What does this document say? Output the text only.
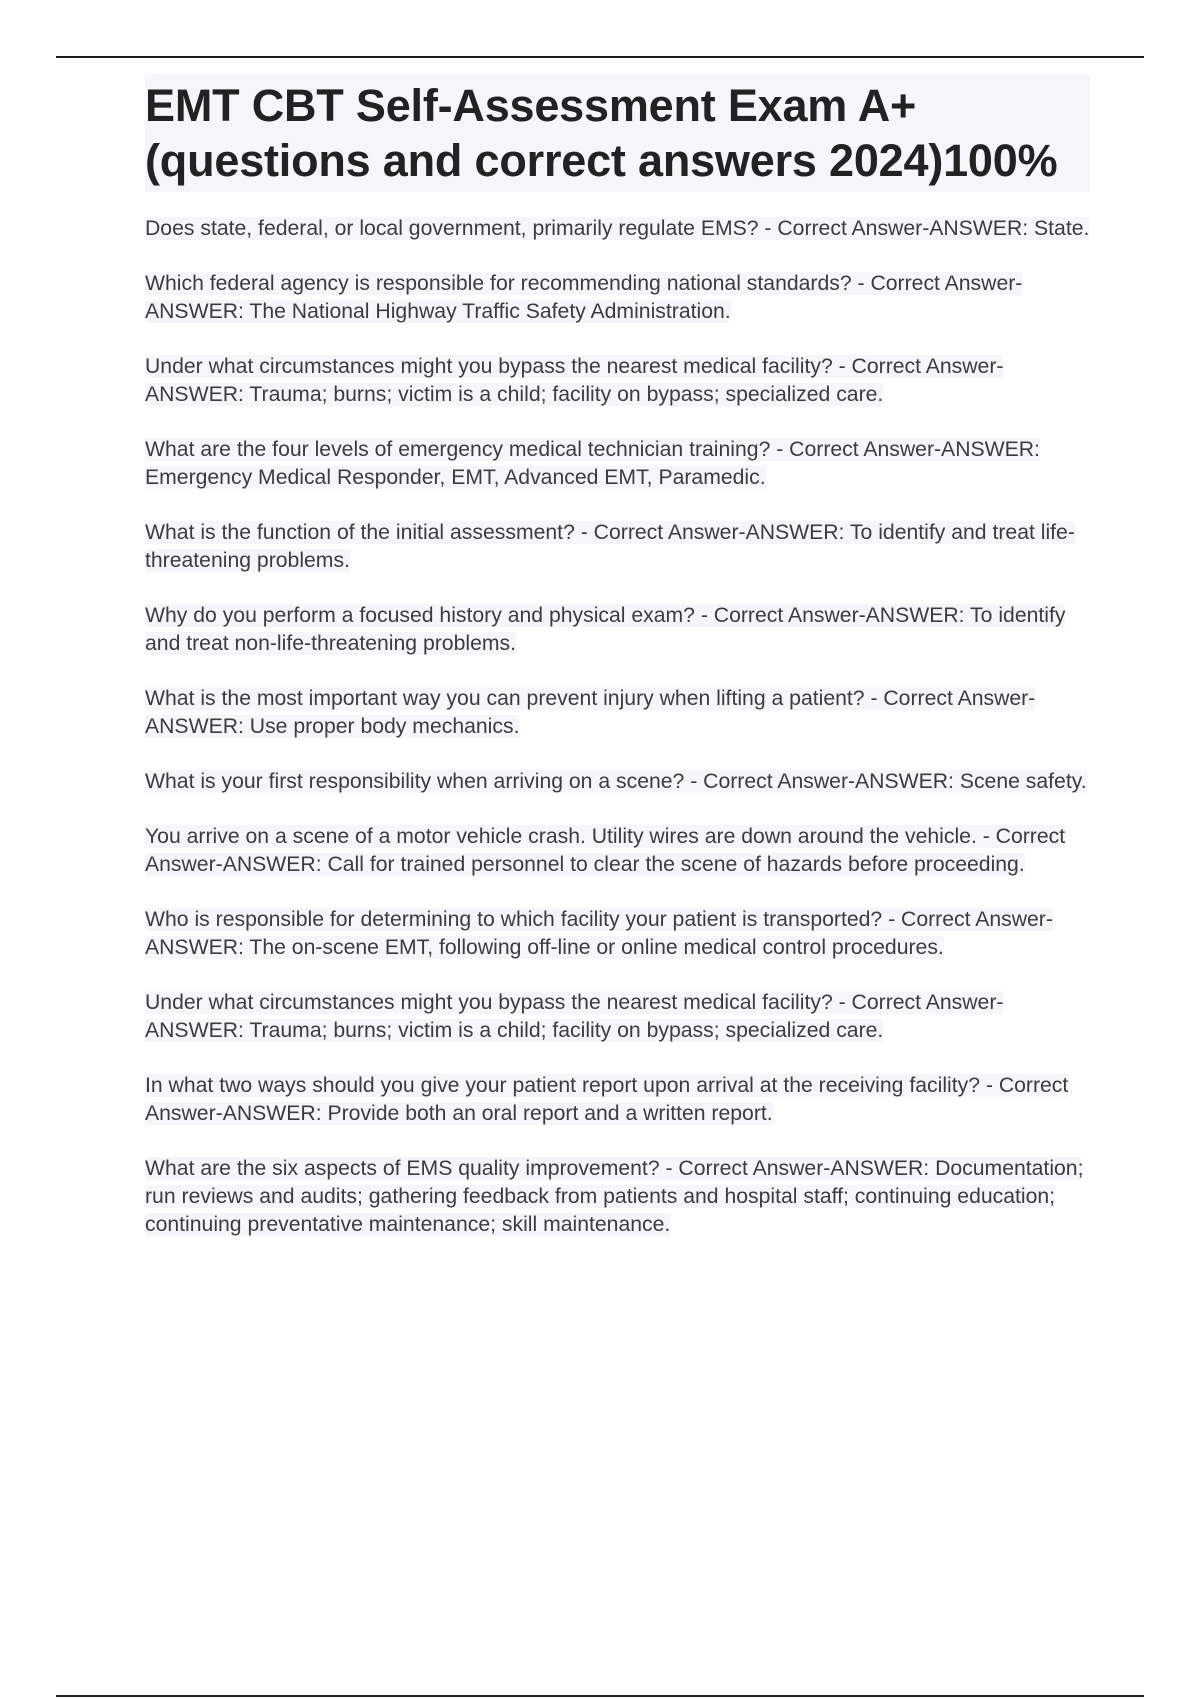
EMT CBT Self-Assessment Exam A+ (questions and correct answers 2024)100%
Does state, federal, or local government, primarily regulate EMS? - Correct Answer-ANSWER: State.
Which federal agency is responsible for recommending national standards? - Correct Answer-ANSWER: The National Highway Traffic Safety Administration.
Under what circumstances might you bypass the nearest medical facility? - Correct Answer-ANSWER: Trauma; burns; victim is a child; facility on bypass; specialized care.
What are the four levels of emergency medical technician training? - Correct Answer-ANSWER: Emergency Medical Responder, EMT, Advanced EMT, Paramedic.
What is the function of the initial assessment? - Correct Answer-ANSWER: To identify and treat life-threatening problems.
Why do you perform a focused history and physical exam? - Correct Answer-ANSWER: To identify and treat non-life-threatening problems.
What is the most important way you can prevent injury when lifting a patient? - Correct Answer-ANSWER: Use proper body mechanics.
What is your first responsibility when arriving on a scene? - Correct Answer-ANSWER: Scene safety.
You arrive on a scene of a motor vehicle crash. Utility wires are down around the vehicle. - Correct Answer-ANSWER: Call for trained personnel to clear the scene of hazards before proceeding.
Who is responsible for determining to which facility your patient is transported? - Correct Answer-ANSWER: The on-scene EMT, following off-line or online medical control procedures.
Under what circumstances might you bypass the nearest medical facility? - Correct Answer-ANSWER: Trauma; burns; victim is a child; facility on bypass; specialized care.
In what two ways should you give your patient report upon arrival at the receiving facility? - Correct Answer-ANSWER: Provide both an oral report and a written report.
What are the six aspects of EMS quality improvement? - Correct Answer-ANSWER: Documentation; run reviews and audits; gathering feedback from patients and hospital staff; continuing education; continuing preventative maintenance; skill maintenance.
